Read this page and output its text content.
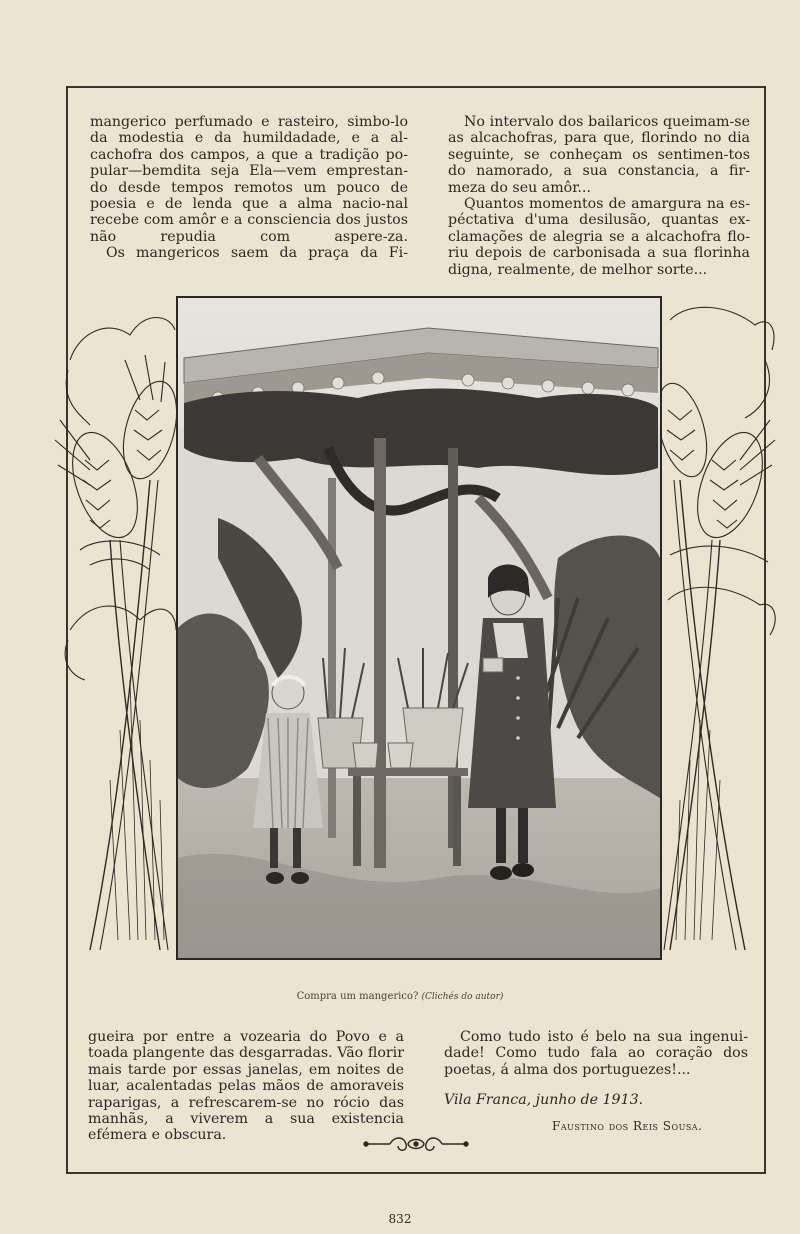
mangerico perfumado e rasteiro, simbo-lo da modestia e da humildadade, e a al-cachofra dos campos, a que a tradição po-pular—bemdita seja Ela—vem emprestan-do desde tempos remotos um pouco de poesia e de lenda que a alma nacio-nal recebe com amôr e a consciencia dos justos não repudia com aspere-za.

Os mangericos saem da praça da Fi-

No intervalo dos bailaricos queimam-se as alcachofras, para que, florindo no dia seguinte, se conheçam os sentimen-tos do namorado, a sua constancia, a fir-meza do seu amôr...

Quantos momentos de amargura na es-péctativa d'uma desilusão, quantas ex-clamações de alegria se a alcachofra flo-riu depois de carbonisada a sua florinha digna, realmente, de melhor sorte...

Compra um mangerico? (Clichés do autor)

gueira por entre a vozearia do Povo e a toada plangente das desgarradas. Vão florir mais tarde por essas janelas, em noites de luar, acalentadas pelas mãos de amoraveis raparigas, a refrescarem-se no rócio das manhãs, a viverem a sua existencia efémera e obscura.

Como tudo isto é belo na sua ingenui-dade! Como tudo fala ao coração dos poetas, á alma dos portuguezes!...

Vila Franca, junho de 1913.

Faustino dos Reis Sousa.
832
